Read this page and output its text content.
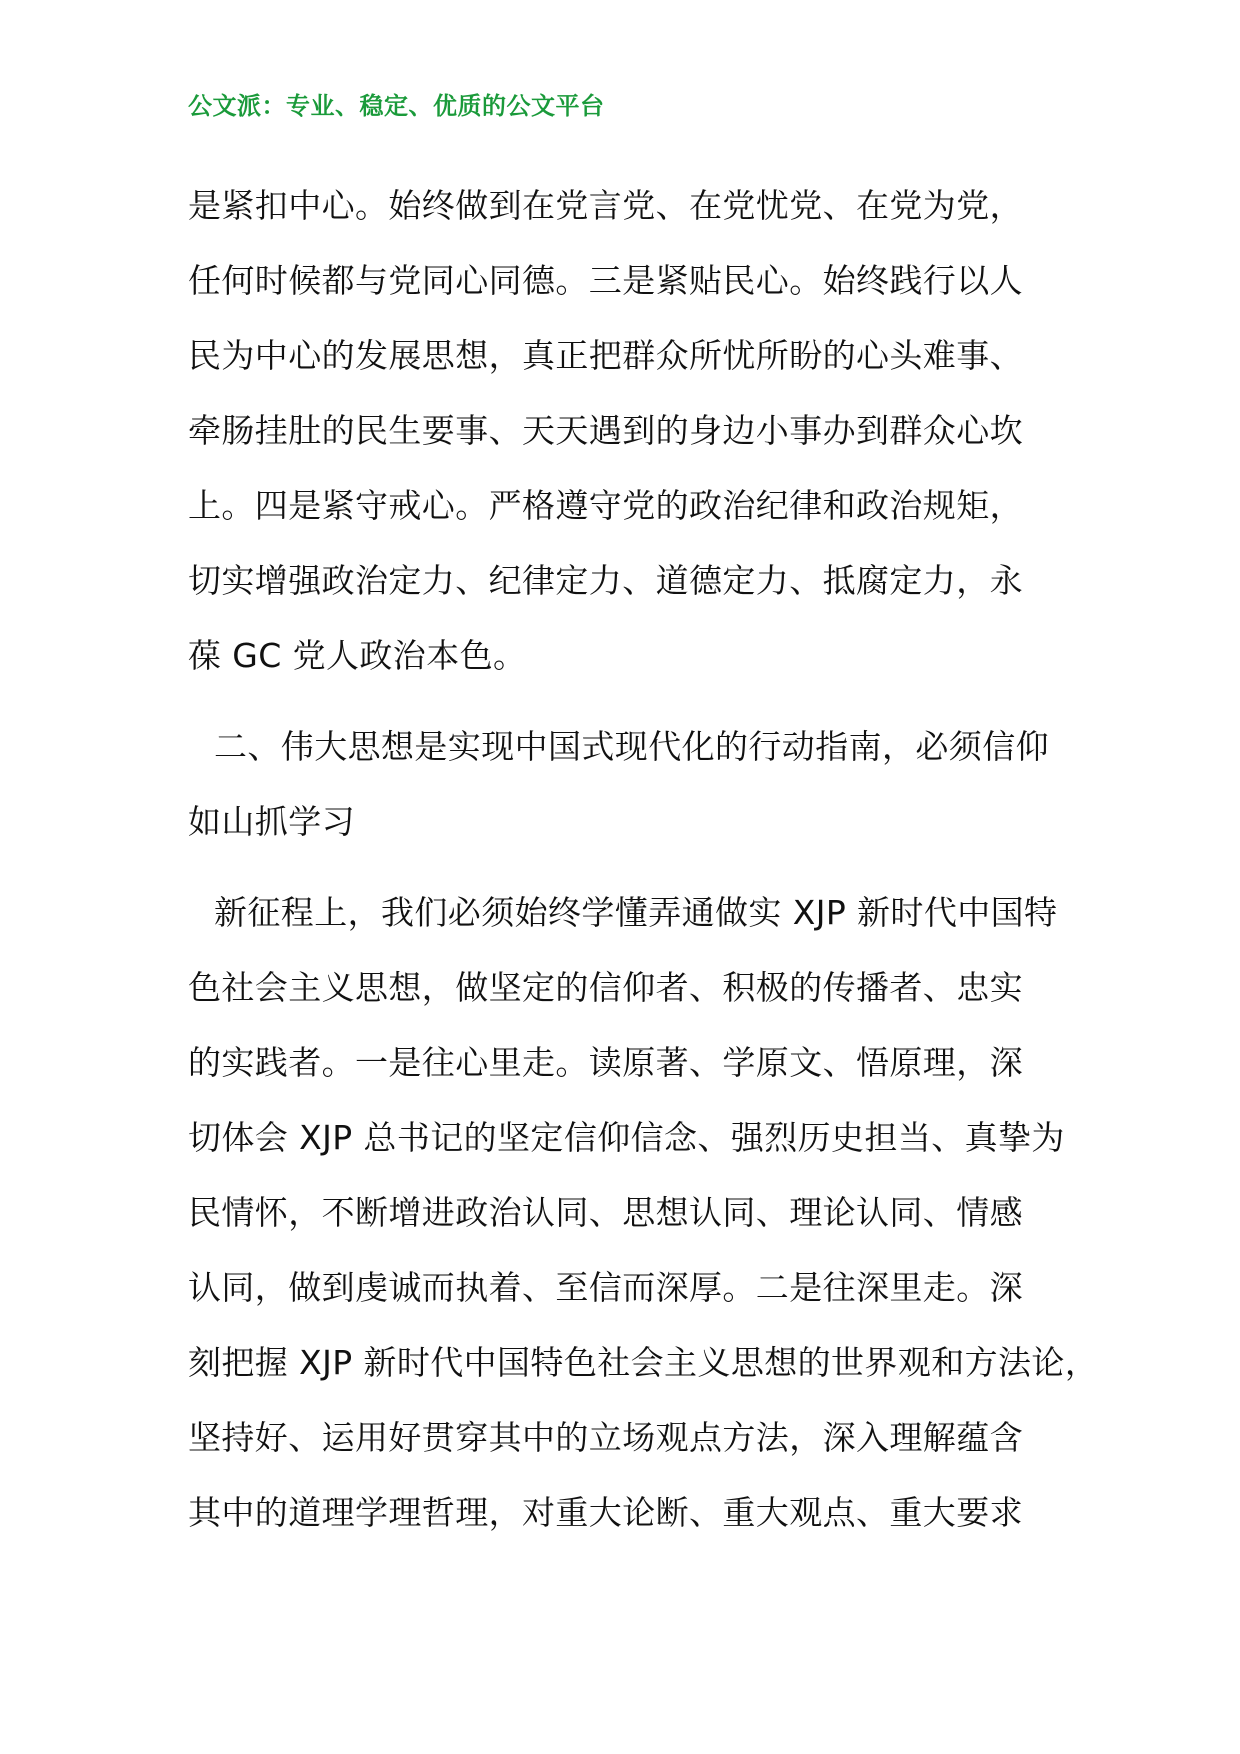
公文派：专业、稳定、优质的公文平台
是紧扣中心。始终做到在党言党、在党忧党、在党为党，
任何时候都与党同心同德。三是紧贴民心。始终践行以人
民为中心的发展思想，真正把群众所忧所盼的心头难事、
牵肠挂肚的民生要事、天天遇到的身边小事办到群众心坎
上。四是紧守戒心。严格遵守党的政治纪律和政治规矩，
切实增强政治定力、纪律定力、道德定力、抵腐定力，永
葆 GC 党人政治本色。
二、伟大思想是实现中国式现代化的行动指南，必须信仰
如山抓学习
新征程上，我们必须始终学懂弄通做实 XJP 新时代中国特
色社会主义思想，做坚定的信仰者、积极的传播者、忠实
的实践者。一是往心里走。读原著、学原文、悟原理，深
切体会 XJP 总书记的坚定信仰信念、强烈历史担当、真挚为
民情怀，不断增进政治认同、思想认同、理论认同、情感
认同，做到虔诚而执着、至信而深厚。二是往深里走。深
刻把握 XJP 新时代中国特色社会主义思想的世界观和方法论，
坚持好、运用好贯穿其中的立场观点方法，深入理解蕴含
其中的道理学理哲理，对重大论断、重大观点、重大要求
